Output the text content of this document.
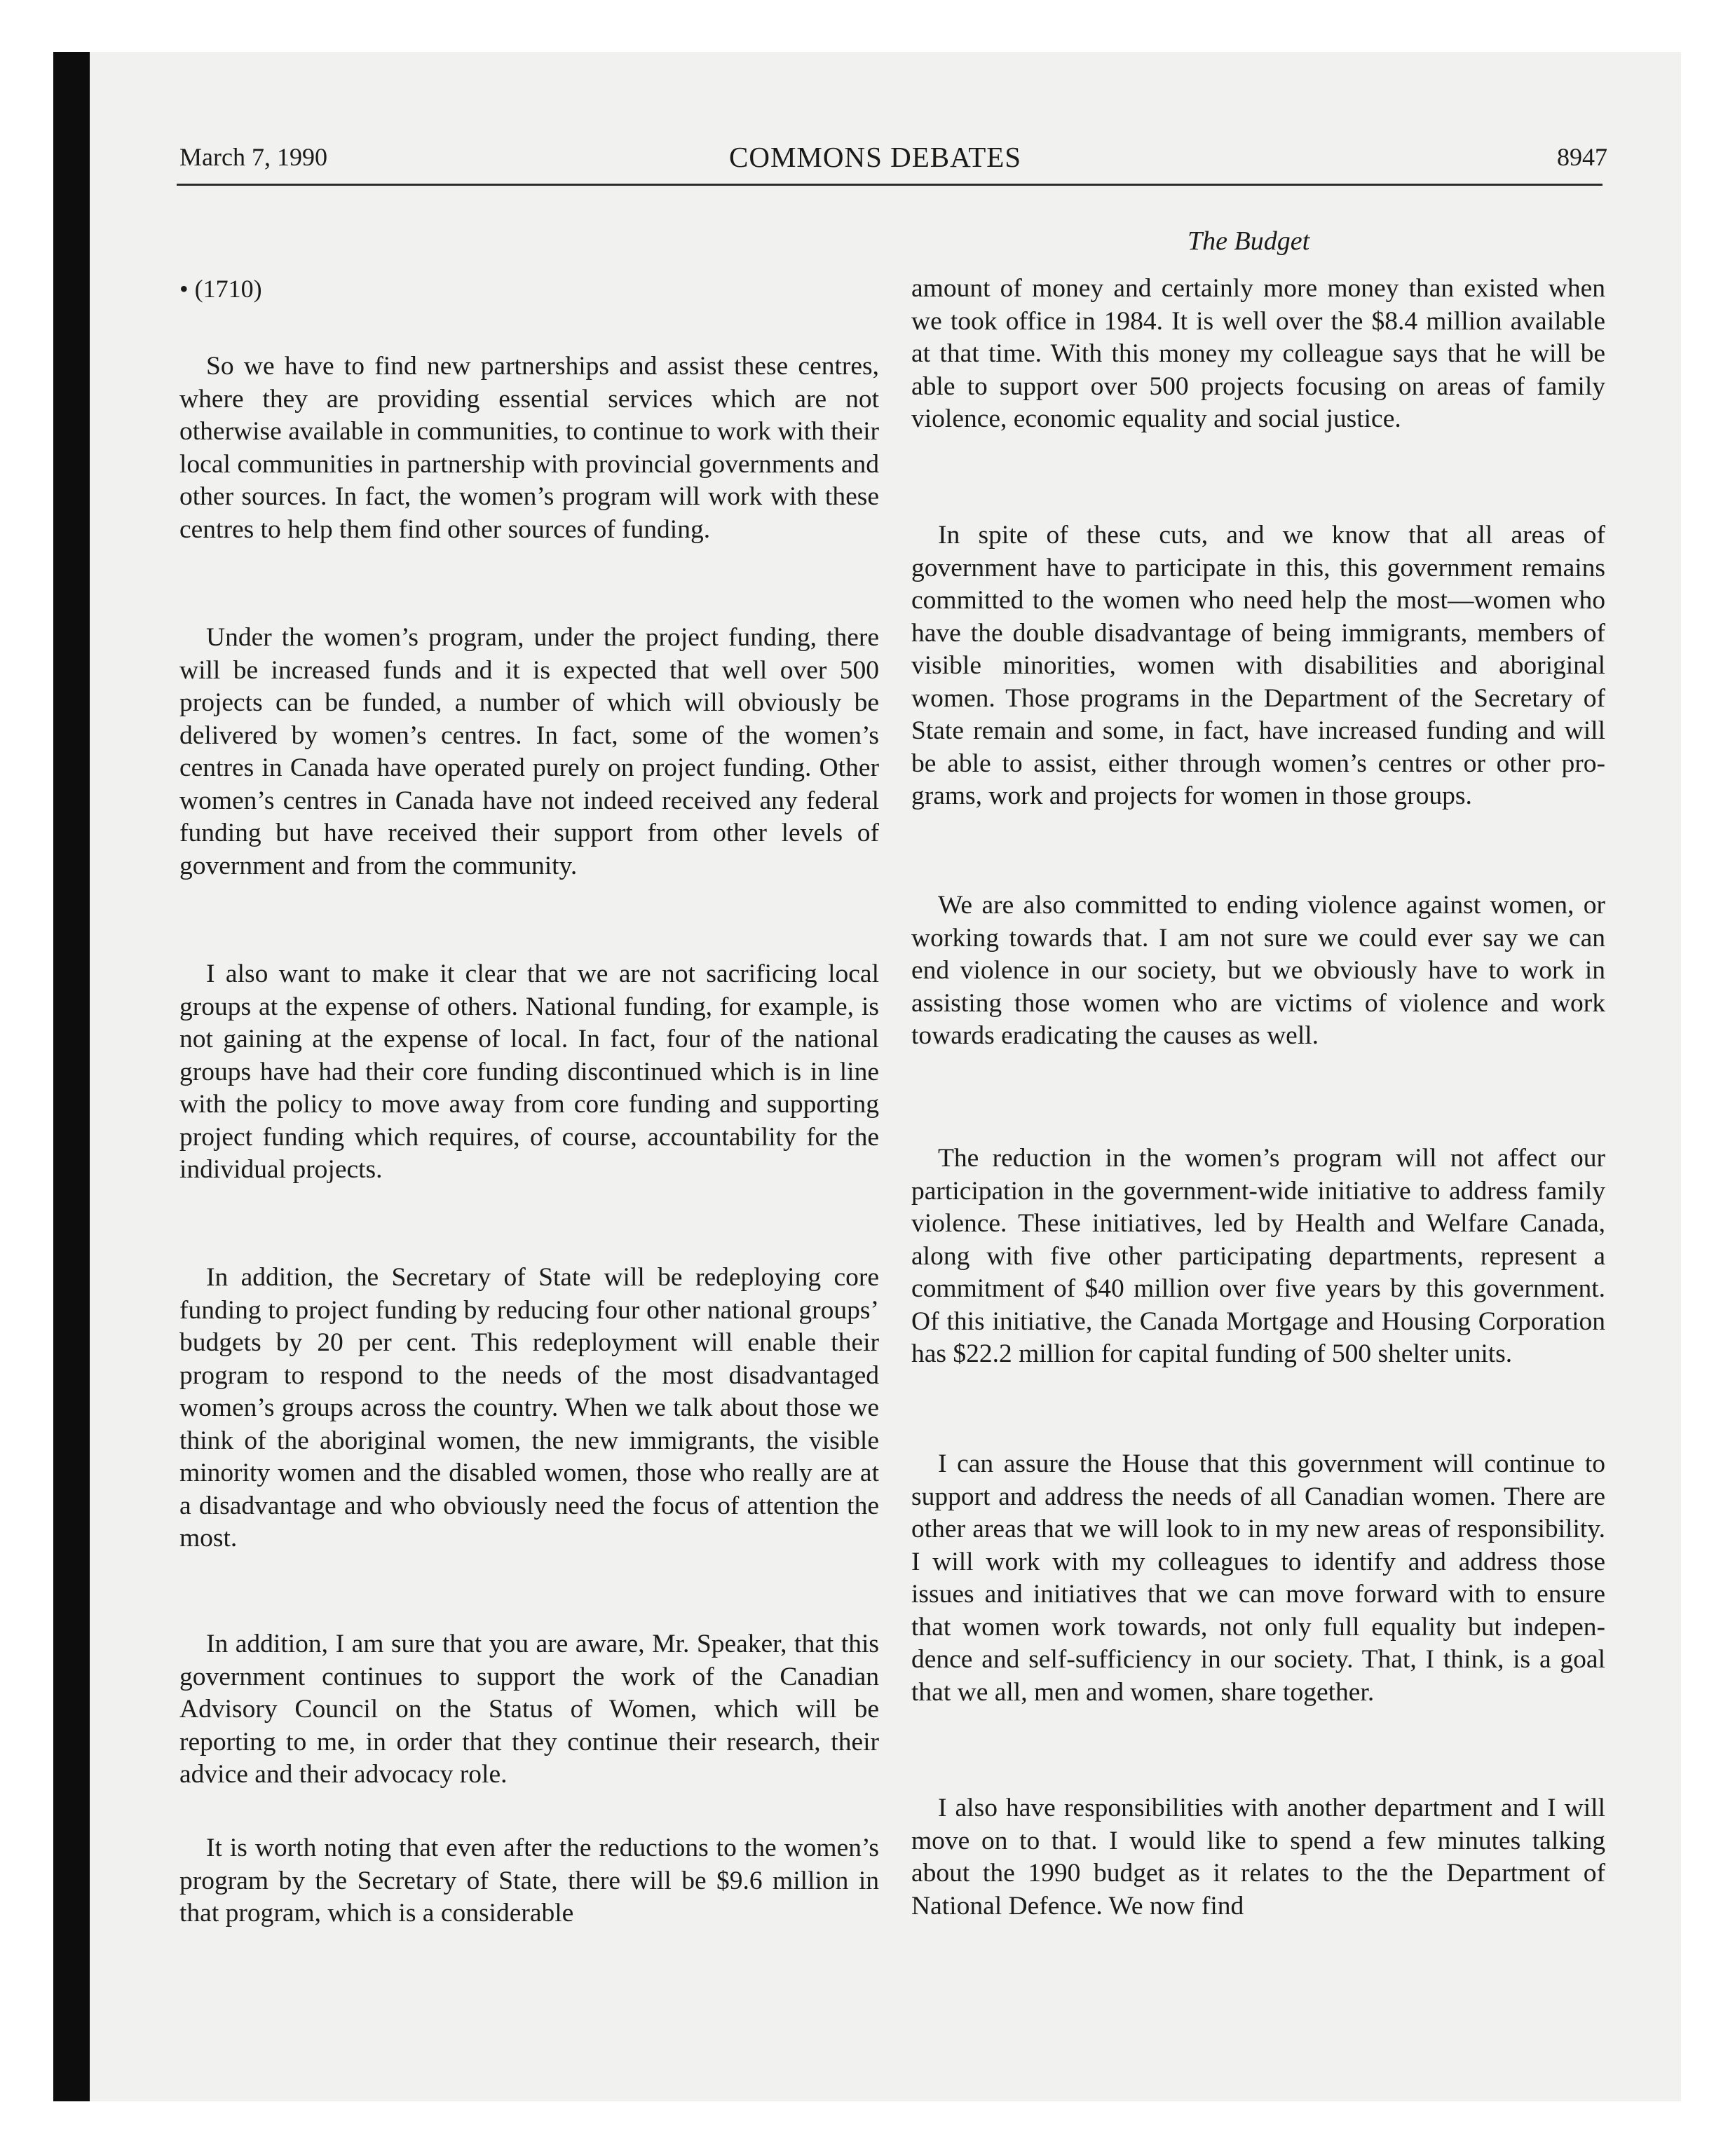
March 7, 1990	COMMONS DEBATES	8947
The Budget
• (1710)

So we have to find new partnerships and assist these centres, where they are providing essential services which are not otherwise available in communities, to continue to work with their local communities in partnership with provincial governments and other sources. In fact, the women’s program will work with these centres to help them find other sources of funding.

Under the women’s program, under the project funding, there will be increased funds and it is expected that well over 500 projects can be funded, a number of which will obviously be delivered by women’s centres. In fact, some of the women’s centres in Canada have operated purely on project funding. Other women’s centres in Canada have not indeed received any federal funding but have received their support from other levels of government and from the community.

I also want to make it clear that we are not sacrificing local groups at the expense of others. National funding, for example, is not gaining at the expense of local. In fact, four of the national groups have had their core funding discontinued which is in line with the policy to move away from core funding and supporting project funding which requires, of course, accountability for the individual projects.

In addition, the Secretary of State will be redeploying core funding to project funding by reducing four other national groups’ budgets by 20 per cent. This redeployment will enable their program to respond to the needs of the most disadvantaged women’s groups across the country. When we talk about those we think of the aboriginal women, the new immigrants, the visible minority women and the disabled women, those who really are at a disadvantage and who obviously need the focus of attention the most.

In addition, I am sure that you are aware, Mr. Speaker, that this government continues to support the work of the Canadian Advisory Council on the Status of Women, which will be reporting to me, in order that they continue their research, their advice and their advocacy role.

It is worth noting that even after the reductions to the women’s program by the Secretary of State, there will be $9.6 million in that program, which is a considerable

amount of money and certainly more money than existed when we took office in 1984. It is well over the $8.4 million available at that time. With this money my colleague says that he will be able to support over 500 projects focusing on areas of family violence, economic equality and social justice.

In spite of these cuts, and we know that all areas of government have to participate in this, this government remains committed to the women who need help the most—women who have the double disadvantage of being immigrants, members of visible minorities, women with disabilities and aboriginal women. Those programs in the Department of the Secretary of State remain and some, in fact, have increased funding and will be able to assist, either through women’s centres or other programs, work and projects for women in those groups.

We are also committed to ending violence against women, or working towards that. I am not sure we could ever say we can end violence in our society, but we obviously have to work in assisting those women who are victims of violence and work towards eradicating the causes as well.

The reduction in the women’s program will not affect our participation in the government-wide initiative to address family violence. These initiatives, led by Health and Welfare Canada, along with five other participating departments, represent a commitment of $40 million over five years by this government. Of this initiative, the Canada Mortgage and Housing Corporation has $22.2 million for capital funding of 500 shelter units.

I can assure the House that this government will continue to support and address the needs of all Canadian women. There are other areas that we will look to in my new areas of responsibility. I will work with my colleagues to identify and address those issues and initiatives that we can move forward with to ensure that women work towards, not only full equality but independence and self-sufficiency in our society. That, I think, is a goal that we all, men and women, share together.

I also have responsibilities with another department and I will move on to that. I would like to spend a few minutes talking about the 1990 budget as it relates to the the Department of National Defence. We now find
